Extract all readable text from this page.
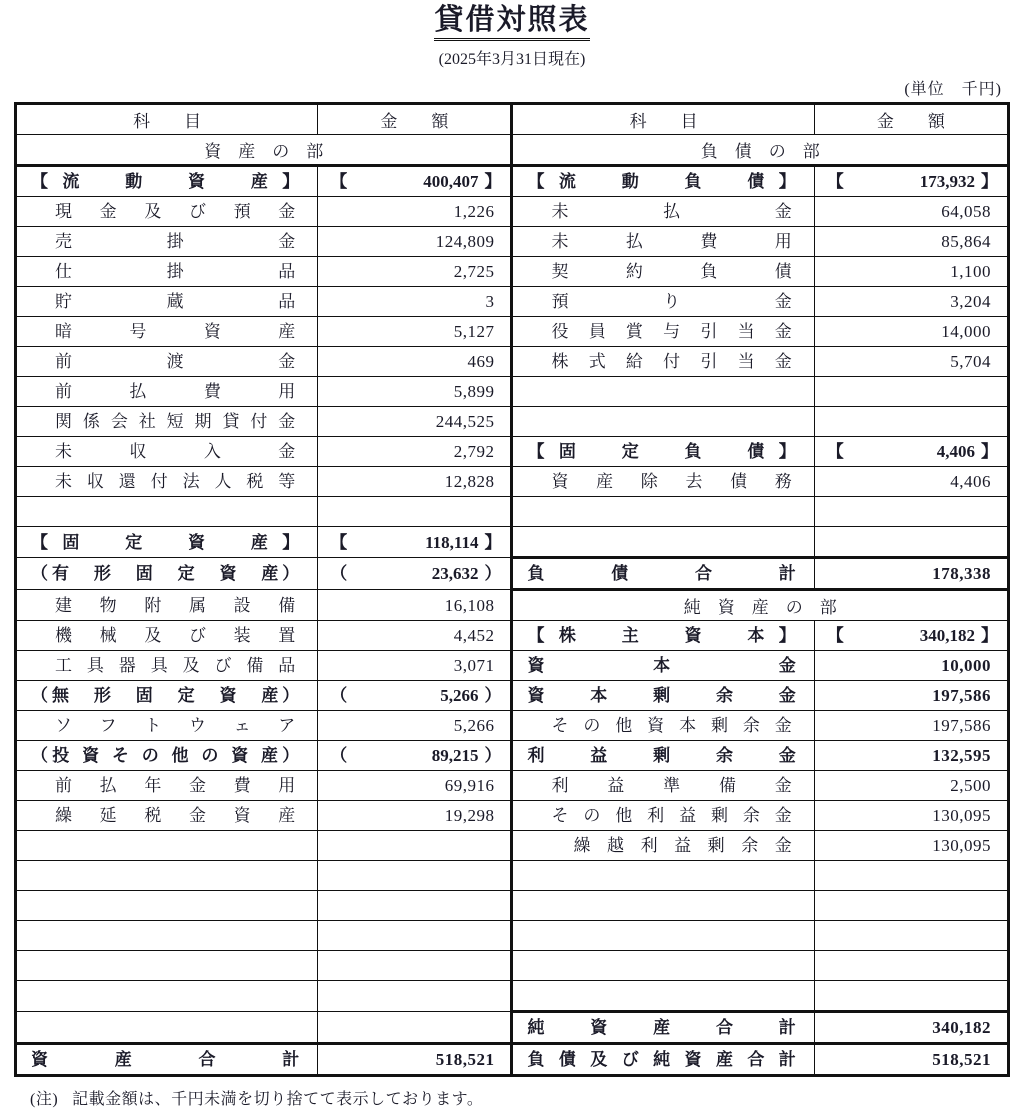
貸借対照表
(2025年3月31日現在)
(単位　千円)
科　　目	金　　額	科　　目	金　　額

資　産　の　部		負　債　の　部	

【流　動　資　産】	【 400,407 】	【流　動　負　債】	【 173,932 】

現 金 及 び 預 金	1,226	未　　払　　金	64,058

売　　掛　　金	124,809	未　払　費　用	85,864

仕　　掛　　品	2,725	契　約　負　債	1,100

貯　　蔵　　品	3	預　　り　　金	3,204

暗　号　資　産	5,127	役 員 賞 与 引 当 金	14,000

前　　渡　　金	469	株 式 給 付 引 当 金	5,704

前　払　費　用	5,899		

関係会社短期貸付金	244,525		

未　収　入　金	2,792	【固　定　負　債】	【 4,406 】

未収還付法人税等	12,828	資 産 除 去 債 務	4,406

【固　定　資　産】	【 118,114 】		

（有　形　固　定　資　産）	（ 23,632 ）	負　債　合　計	178,338

建 物 附 属 設 備	16,108	純　資　産　の　部	

機 械 及 び 装 置	4,452	【株　主　資　本】	【 340,182 】

工具器具及び備品	3,071	資　　本　　金	10,000

（無　形　固　定　資　産）	（ 5,266 ）	資　本　剰　余　金	197,586

ソ フ ト ウ ェ ア	5,266	そ の 他 資 本 剰 余 金	197,586

（投 資 そ の 他 の 資 産）	（ 89,215 ）	利　益　剰　余　金	132,595

前 払 年 金 費 用	69,916	利 益 準 備 金	2,500

繰 延 税 金 資 産	19,298	そ の 他 利 益 剰 余 金	130,095

		繰 越 利 益 剰 余 金	130,095

		純　資　産　合　計	340,182

資　産　合　計	518,521	負債及び純資産合計	518,521
(注) 記載金額は、千円未満を切り捨てて表示しております。
